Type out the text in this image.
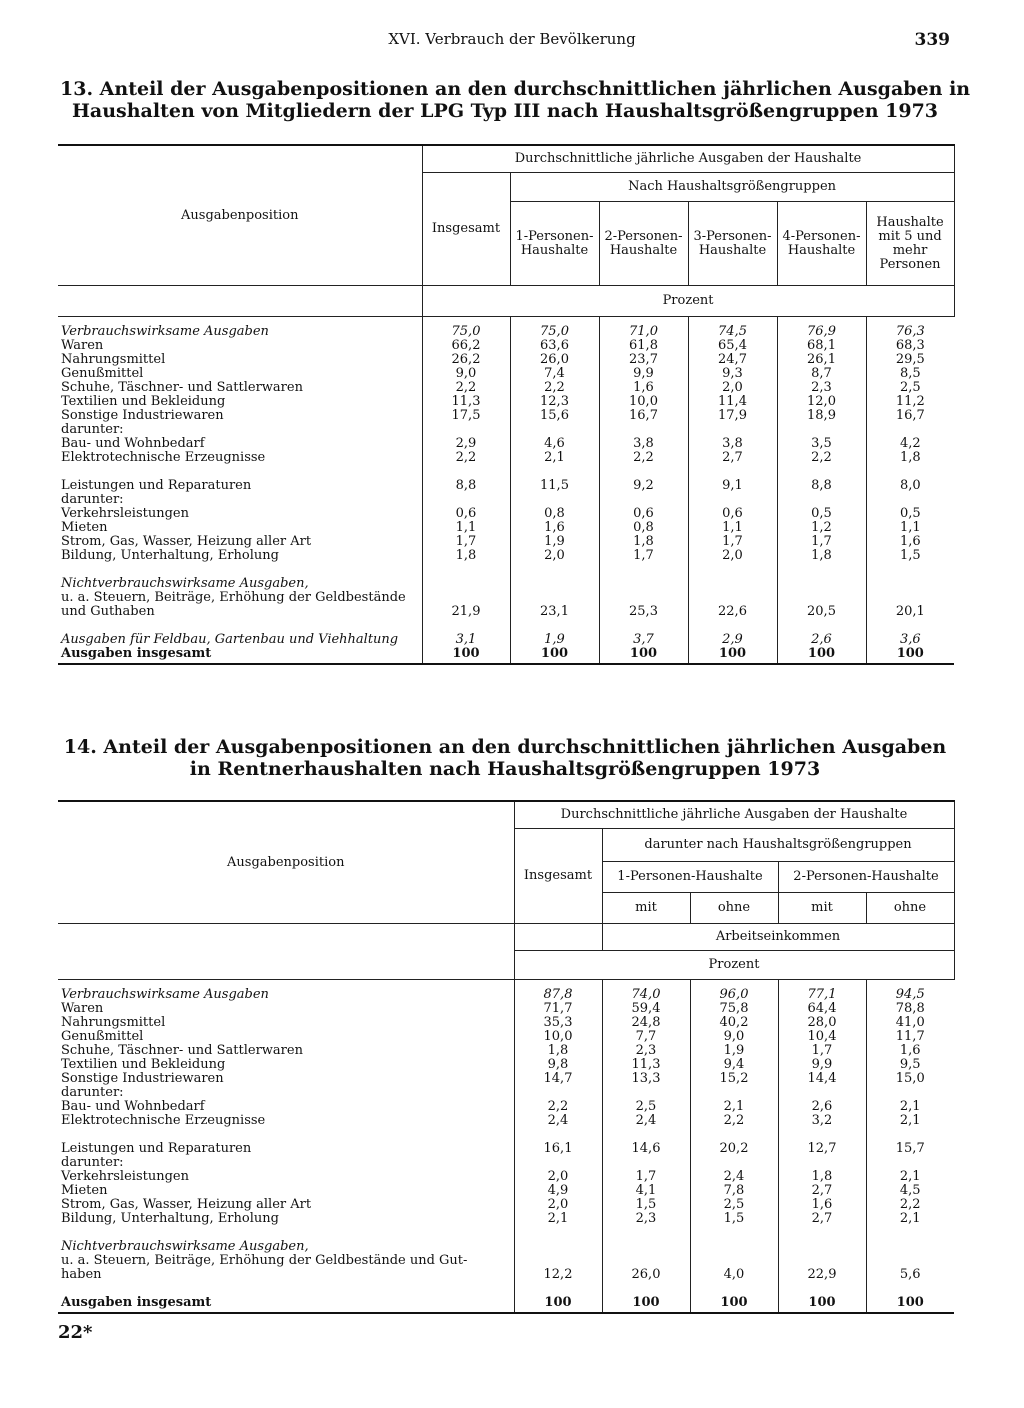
XVI. Verbrauch der Bevölkerung	339
13. Anteil der Ausgabenpositionen an den durchschnittlichen jährlichen Ausgaben in
Haushalten von Mitgliedern der LPG Typ III nach Haushaltsgrößengruppen 1973
Ausgabenposition	Durchschnittliche jährliche Ausgaben der Haushalte					
	Insgesamt	Nach Haushaltsgrößengruppen				
		1-Personen-Haushalte	2-Personen-Haushalte	3-Personen-Haushalte	4-Personen-Haushalte	Haushalte mit 5 und mehr Personen
	Prozent					
Verbrauchswirksame Ausgaben	75,0	75,0	71,0	74,5	76,9	76,3
Waren	66,2	63,6	61,8	65,4	68,1	68,3
Nahrungsmittel	26,2	26,0	23,7	24,7	26,1	29,5
Genußmittel	9,0	7,4	9,9	9,3	8,7	8,5
Schuhe, Täschner- und Sattlerwaren	2,2	2,2	1,6	2,0	2,3	2,5
Textilien und Bekleidung	11,3	12,3	10,0	11,4	12,0	11,2
Sonstige Industriewaren	17,5	15,6	16,7	17,9	18,9	16,7
darunter:						
Bau- und Wohnbedarf	2,9	4,6	3,8	3,8	3,5	4,2
Elektrotechnische Erzeugnisse	2,2	2,1	2,2	2,7	2,2	1,8

Leistungen und Reparaturen	8,8	11,5	9,2	9,1	8,8	8,0
darunter:						
Verkehrsleistungen	0,6	0,8	0,6	0,6	0,5	0,5
Mieten	1,1	1,6	0,8	1,1	1,2	1,1
Strom, Gas, Wasser, Heizung aller Art	1,7	1,9	1,8	1,7	1,7	1,6
Bildung, Unterhaltung, Erholung	1,8	2,0	1,7	2,0	1,8	1,5

Nichtverbrauchswirksame Ausgaben,						
u. a. Steuern, Beiträge, Erhöhung der Geldbestände						
und Guthaben	21,9	23,1	25,3	22,6	20,5	20,1

Ausgaben für Feldbau, Gartenbau und Viehhaltung	3,1	1,9	3,7	2,9	2,6	3,6
Ausgaben insgesamt	100	100	100	100	100	100
14. Anteil der Ausgabenpositionen an den durchschnittlichen jährlichen Ausgaben
in Rentnerhaushalten nach Haushaltsgrößengruppen 1973
Ausgabenposition	Durchschnittliche jährliche Ausgaben der Haushalte				
	Insgesamt	darunter nach Haushaltsgrößengruppen			
		1-Personen-Haushalte		2-Personen-Haushalte	
		mit	ohne	mit	ohne
		Arbeitseinkommen			
	Prozent				
Verbrauchswirksame Ausgaben	87,8	74,0	96,0	77,1	94,5
Waren	71,7	59,4	75,8	64,4	78,8
Nahrungsmittel	35,3	24,8	40,2	28,0	41,0
Genußmittel	10,0	7,7	9,0	10,4	11,7
Schuhe, Täschner- und Sattlerwaren	1,8	2,3	1,9	1,7	1,6
Textilien und Bekleidung	9,8	11,3	9,4	9,9	9,5
Sonstige Industriewaren	14,7	13,3	15,2	14,4	15,0
darunter:					
Bau- und Wohnbedarf	2,2	2,5	2,1	2,6	2,1
Elektrotechnische Erzeugnisse	2,4	2,4	2,2	3,2	2,1

Leistungen und Reparaturen	16,1	14,6	20,2	12,7	15,7
darunter:					
Verkehrsleistungen	2,0	1,7	2,4	1,8	2,1
Mieten	4,9	4,1	7,8	2,7	4,5
Strom, Gas, Wasser, Heizung aller Art	2,0	1,5	2,5	1,6	2,2
Bildung, Unterhaltung, Erholung	2,1	2,3	1,5	2,7	2,1

Nichtverbrauchswirksame Ausgaben,					
u. a. Steuern, Beiträge, Erhöhung der Geldbestände und Gut-					
haben	12,2	26,0	4,0	22,9	5,6

Ausgaben insgesamt	100	100	100	100	100
22*
